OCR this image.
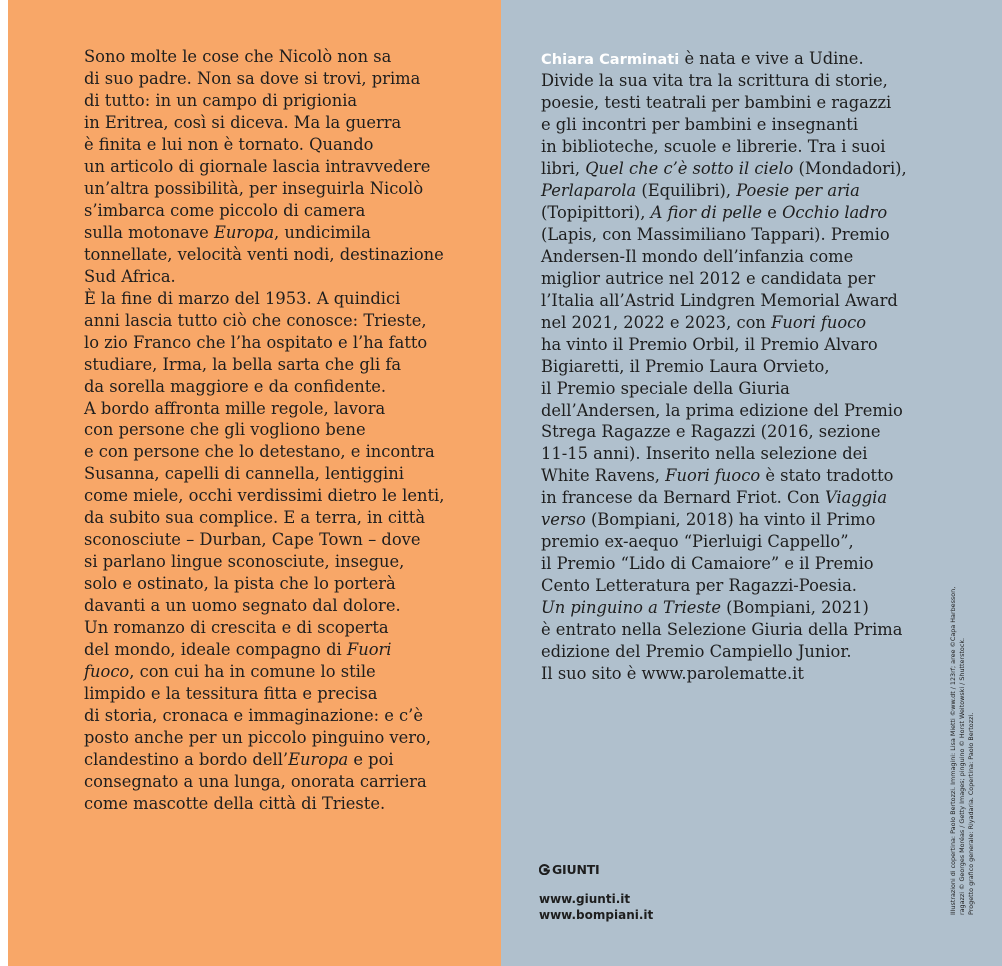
Sono molte le cose che Nicolò non sa
di suo padre. Non sa dove si trovi, prima
di tutto: in un campo di prigionia
in Eritrea, così si diceva. Ma la guerra
è finita e lui non è tornato. Quando
un articolo di giornale lascia intravvedere
un’altra possibilità, per inseguirla Nicolò
s’imbarca come piccolo di camera
sulla motonave Europa, undicimila
tonnellate, velocità venti nodi, destinazione
Sud Africa.
È la fine di marzo del 1953. A quindici
anni lascia tutto ciò che conosce: Trieste,
lo zio Franco che l’ha ospitato e l’ha fatto
studiare, Irma, la bella sarta che gli fa
da sorella maggiore e da confidente.
A bordo affronta mille regole, lavora
con persone che gli vogliono bene
e con persone che lo detestano, e incontra
Susanna, capelli di cannella, lentiggini
come miele, occhi verdissimi dietro le lenti,
da subito sua complice. E a terra, in città
sconosciute – Durban, Cape Town – dove
si parlano lingue sconosciute, insegue,
solo e ostinato, la pista che lo porterà
davanti a un uomo segnato dal dolore.
Un romanzo di crescita e di scoperta
del mondo, ideale compagno di Fuori
fuoco, con cui ha in comune lo stile
limpido e la tessitura fitta e precisa
di storia, cronaca e immaginazione: e c’è
posto anche per un piccolo pinguino vero,
clandestino a bordo dell’Europa e poi
consegnato a una lunga, onorata carriera
come mascotte della città di Trieste.
Chiara Carminati è nata e vive a Udine.
Divide la sua vita tra la scrittura di storie,
poesie, testi teatrali per bambini e ragazzi
e gli incontri per bambini e insegnanti
in biblioteche, scuole e librerie. Tra i suoi
libri, Quel che c’è sotto il cielo (Mondadori),
Perlaparola (Equilibri), Poesie per aria
(Topipittori), A fior di pelle e Occhio ladro
(Lapis, con Massimiliano Tappari). Premio
Andersen-Il mondo dell’infanzia come
miglior autrice nel 2012 e candidata per
l’Italia all’Astrid Lindgren Memorial Award
nel 2021, 2022 e 2023, con Fuori fuoco
ha vinto il Premio Orbil, il Premio Alvaro
Bigiaretti, il Premio Laura Orvieto,
il Premio speciale della Giuria
dell’Andersen, la prima edizione del Premio
Strega Ragazze e Ragazzi (2016, sezione
11-15 anni). Inserito nella selezione dei
White Ravens, Fuori fuoco è stato tradotto
in francese da Bernard Friot. Con Viaggia
verso (Bompiani, 2018) ha vinto il Primo
premio ex-aequo “Pierluigi Cappello”,
il Premio “Lido di Camaiore” e il Premio
Cento Letteratura per Ragazzi-Poesia.
Un pinguino a Trieste (Bompiani, 2021)
è entrato nella Selezione Giuria della Prima
edizione del Premio Campiello Junior.
Il suo sito è www.parolematte.it
GIUNTI
www.giunti.it
www.bompiani.it	Illustrazioni di copertina: Paolo Bertozzi. Immagini: Lisa Mietti ©ww.dt / 123rf; aree ©Capa Harbesson, ragazzi © Georges Moréas / Getty Images; pinguino © Horst Weitowski / Shutterstock. Progetto grafico generale: Riyadaria. Copertina: Paolo Bertozzi.
